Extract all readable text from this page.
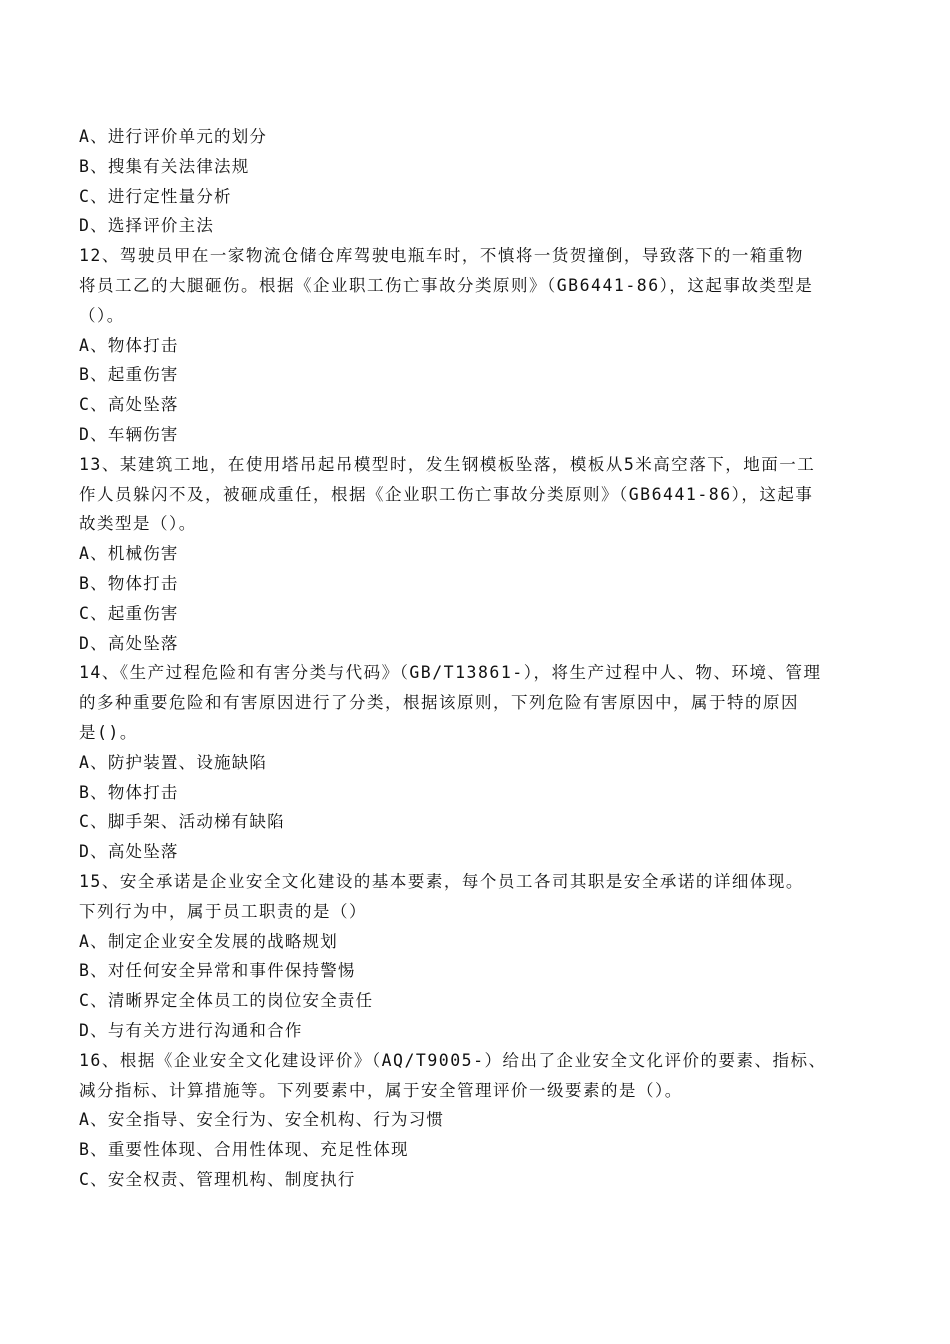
A、进行评价单元的划分
B、搜集有关法律法规
C、进行定性量分析
D、选择评价主法
12、驾驶员甲在一家物流仓储仓库驾驶电瓶车时，不慎将一货贺撞倒，导致落下的一箱重物
将员工乙的大腿砸伤。根据《企业职工伤亡事故分类原则》（GB6441-86），这起事故类型是
（）。
A、物体打击
B、起重伤害
C、高处坠落
D、车辆伤害
13、某建筑工地，在使用塔吊起吊模型时，发生钢模板坠落，模板从5米高空落下，地面一工
作人员躲闪不及，被砸成重任，根据《企业职工伤亡事故分类原则》（GB6441-86），这起事
故类型是（）。
A、机械伤害
B、物体打击
C、起重伤害
D、高处坠落
14、《生产过程危险和有害分类与代码》（GB/T13861-），将生产过程中人、物、环境、管理
的多种重要危险和有害原因进行了分类，根据该原则，下列危险有害原因中，属于特的原因
是()。
A、防护装置、设施缺陷
B、物体打击
C、脚手架、活动梯有缺陷
D、高处坠落
15、安全承诺是企业安全文化建设的基本要素，每个员工各司其职是安全承诺的详细体现。
下列行为中，属于员工职责的是（）
A、制定企业安全发展的战略规划
B、对任何安全异常和事件保持警惕
C、清晰界定全体员工的岗位安全责任
D、与有关方进行沟通和合作
16、根据《企业安全文化建设评价》（AQ/T9005-）给出了企业安全文化评价的要素、指标、
减分指标、计算措施等。下列要素中，属于安全管理评价一级要素的是（）。
A、安全指导、安全行为、安全机构、行为习惯
B、重要性体现、合用性体现、充足性体现
C、安全权责、管理机构、制度执行
